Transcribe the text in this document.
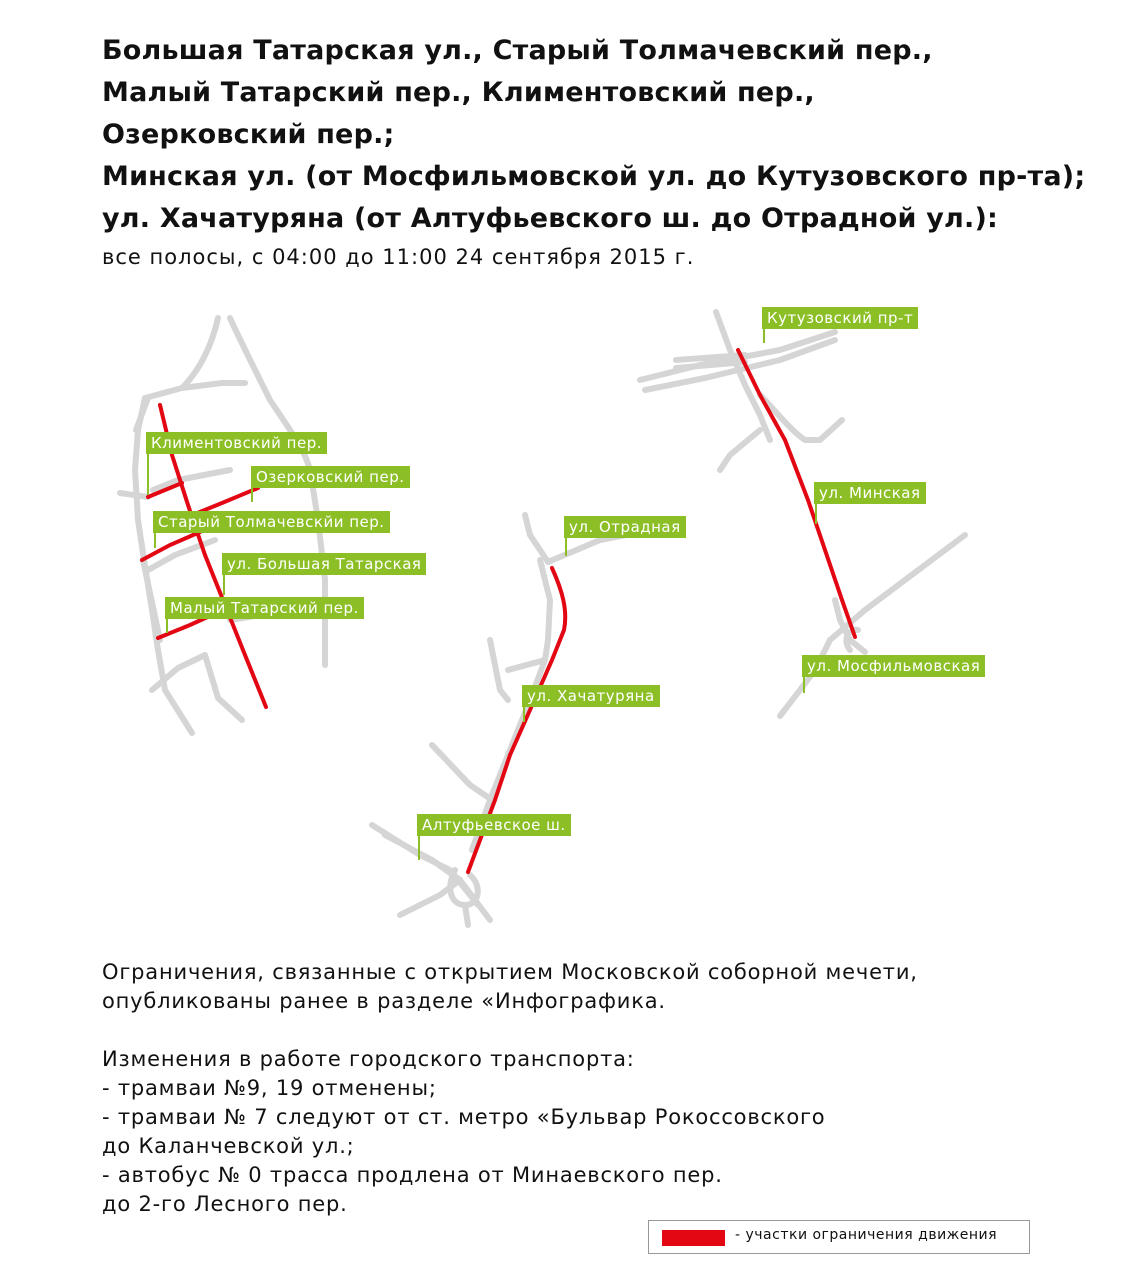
Большая Татарская ул., Старый Толмачевский пер.,
Малый Татарский пер., Климентовский пер.,
Озерковский пер.;
Минская ул. (от Мосфильмовской ул. до Кутузовского пр-та);
ул. Хачатуряна (от Алтуфьевского ш. до Отрадной ул.):
все полосы, с 04:00 до 11:00 24 сентября 2015 г.
Климентовский пер.
Озерковский пер.
Старый Толмачевскйи пер.
ул. Большая Татарская
Малый Татарский пер.
ул. Отрадная
ул. Хачатуряна
Алтуфьевское ш.
Кутузовский пр-т
ул. Минская
ул. Мосфильмовская

Ограничения, связанные с открытием Московской соборной мечети,

опубликованы ранее в разделе «Инфографика.

Изменения в работе городского транспорта:

- трамваи №9, 19 отменены;

- трамваи № 7 следуют от ст. метро «Бульвар Рокоссовского

до Каланчевской ул.;

- автобус № 0 трасса продлена от Минаевского пер.

до 2-го Лесного пер.

- участки ограничения движения
